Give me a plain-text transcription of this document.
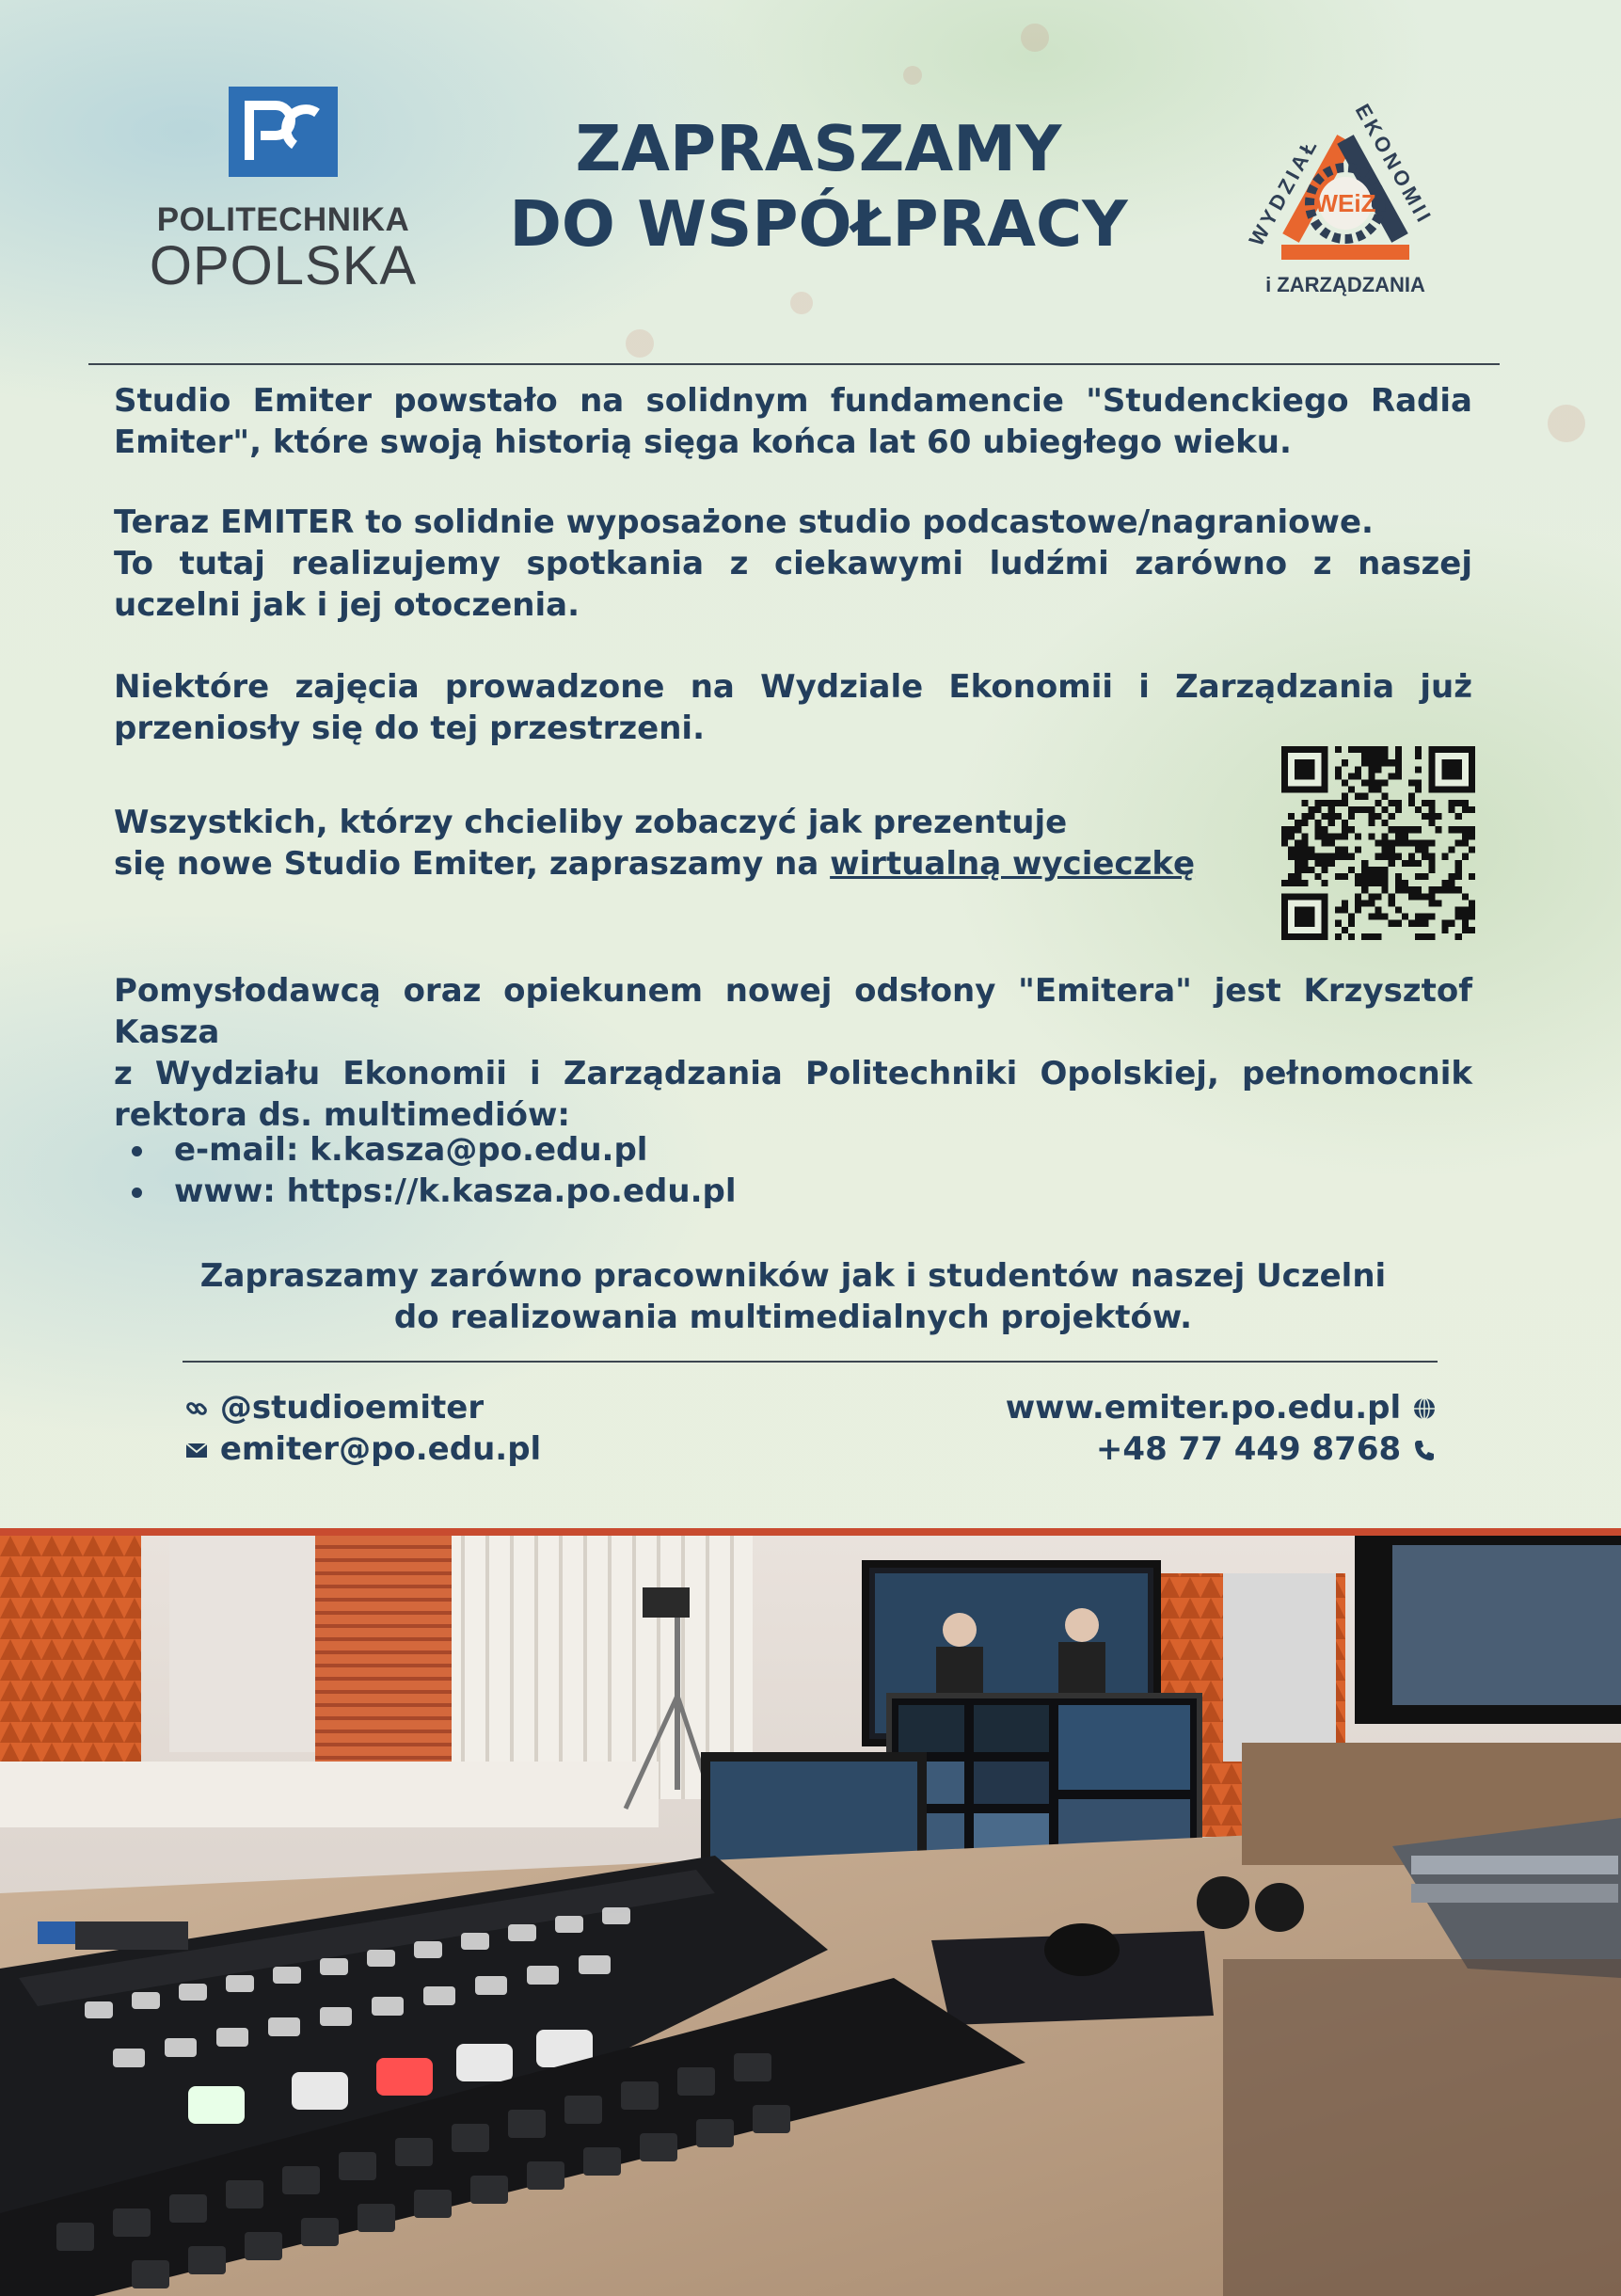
POLITECHNIKA
OPOLSKA
ZAPRASZAMY
DO WSPÓŁPRACY	WEiZ
WYDZIAŁ
EKONOMII
i ZARZĄDZANIA
Studio Emiter powstało na solidnym fundamencie "Studenckiego Radia
Emiter", które swoją historią sięga końca lat 60 ubiegłego wieku.
Teraz EMITER to solidnie wyposażone studio podcastowe/nagraniowe.
To tutaj realizujemy spotkania z ciekawymi ludźmi zarówno z naszej
uczelni jak i jej otoczenia.
Niektóre zajęcia prowadzone na Wydziale Ekonomii i Zarządzania już
przeniosły się do tej przestrzeni.
Wszystkich, którzy chcieliby zobaczyć jak prezentuje
się nowe Studio Emiter, zapraszamy na wirtualną wycieczkę
Pomysłodawcą oraz opiekunem nowej odsłony "Emitera" jest Krzysztof Kasza
z Wydziału Ekonomii i Zarządzania Politechniki Opolskiej, pełnomocnik
rektora ds. multimediów:
e-mail: k.kasza@po.edu.pl
www: https://k.kasza.po.edu.pl
Zapraszamy zarówno pracowników jak i studentów naszej Uczelni
do realizowania multimedialnych projektów.
@studioemiter
emiter@po.edu.pl
www.emiter.po.edu.pl
+48 77 449 8768
